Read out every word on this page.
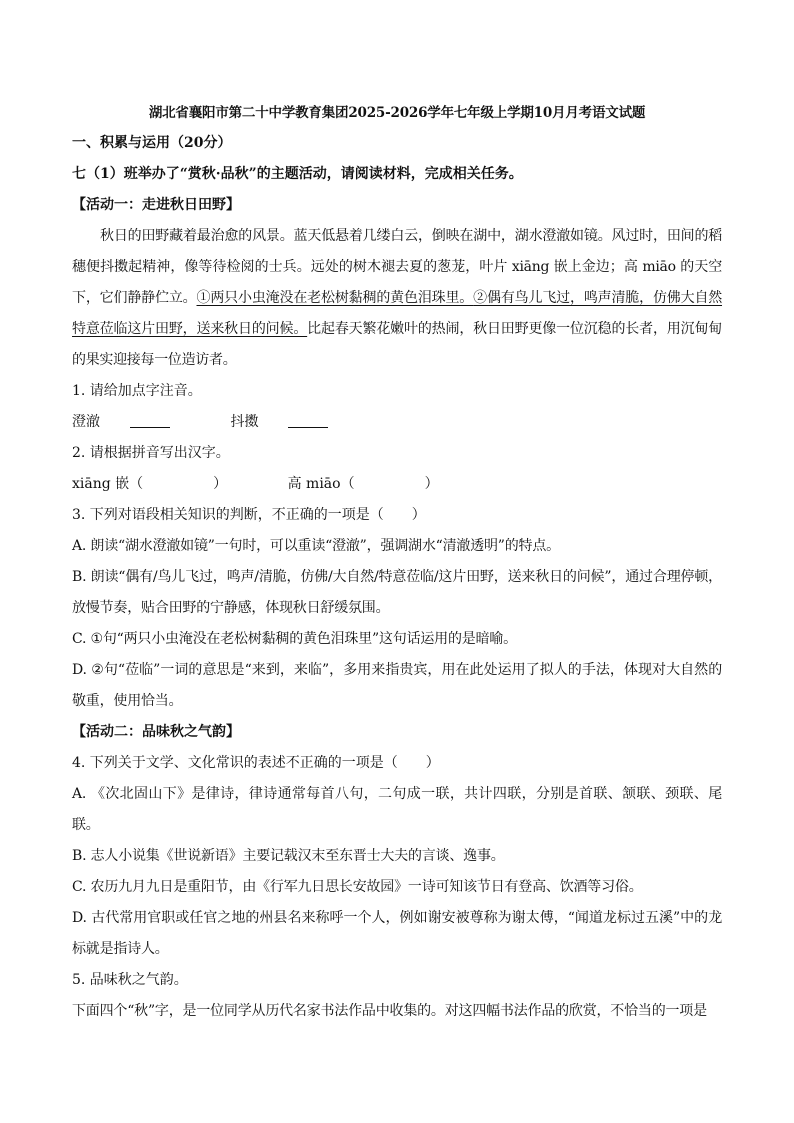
湖北省襄阳市第二十中学教育集团2025-2026学年七年级上学期10月月考语文试题
一、积累与运用（20分）
七（1）班举办了“赏秋·品秋”的主题活动，请阅读材料，完成相关任务。
【活动一：走进秋日田野】
秋日的田野藏着最治愈的风景。蓝天低悬着几缕白云，倒映在湖中，湖水澄澈如镜。风过时，田间的稻穗便抖擞起精神，像等待检阅的士兵。远处的树木褪去夏的葱茏，叶片 xiāng 嵌上金边；高 miāo 的天空下，它们静静伫立。①两只小虫淹没在老松树黏稠的黄色泪珠里。②偶有鸟儿飞过，鸣声清脆，仿佛大自然特意莅临这片田野，送来秋日的问候。比起春天繁花嫩叶的热闹，秋日田野更像一位沉稳的长者，用沉甸甸的果实迎接每一位造访者。
1. 请给加点字注音。
澄澈	抖擞
2. 请根据拼音写出汉字。
xiāng 嵌（　　　	）	高 miāo（　　　	）
3. 下列对语段相关知识的判断，不正确的一项是（　　）
A. 朗读“湖水澄澈如镜”一句时，可以重读“澄澈”，强调湖水“清澈透明”的特点。
B. 朗读“偶有/鸟儿飞过，鸣声/清脆，仿佛/大自然/特意莅临/这片田野，送来秋日的问候”，通过合理停顿，放慢节奏，贴合田野的宁静感，体现秋日舒缓氛围。
C. ①句“两只小虫淹没在老松树黏稠的黄色泪珠里”这句话运用的是暗喻。
D. ②句“莅临”一词的意思是“来到，来临”，多用来指贵宾，用在此处运用了拟人的手法，体现对大自然的敬重，使用恰当。
【活动二：品味秋之气韵】
4. 下列关于文学、文化常识的表述不正确的一项是（　　）
A. 《次北固山下》是律诗，律诗通常每首八句，二句成一联，共计四联，分别是首联、颔联、颈联、尾联。
B. 志人小说集《世说新语》主要记载汉末至东晋士大夫的言谈、逸事。
C. 农历九月九日是重阳节，由《行军九日思长安故园》一诗可知该节日有登高、饮酒等习俗。
D. 古代常用官职或任官之地的州县名来称呼一个人，例如谢安被尊称为谢太傅，“闻道龙标过五溪”中的龙标就是指诗人。
5. 品味秋之气韵。
下面四个“秋”字，是一位同学从历代名家书法作品中收集的。对这四幅书法作品的欣赏，不恰当的一项是
